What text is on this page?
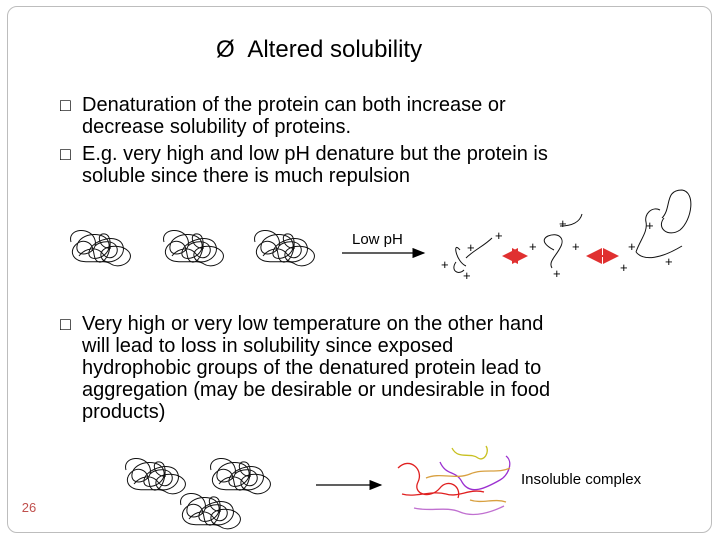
Ø Altered solubility
□ Denaturation of the protein can both increase or
decrease solubility of proteins.
□ E.g. very high and low pH denature but the protein is
soluble since there is much repulsion
□ Very high or very low temperature on the other hand
will lead to loss in solubility since exposed
hydrophobic groups of the denatured protein lead to
aggregation (may be desirable or undesirable in food
products)
+
+
+
+
+
+
+
+
+
+
+
+
Low pH
Insoluble complex
26
